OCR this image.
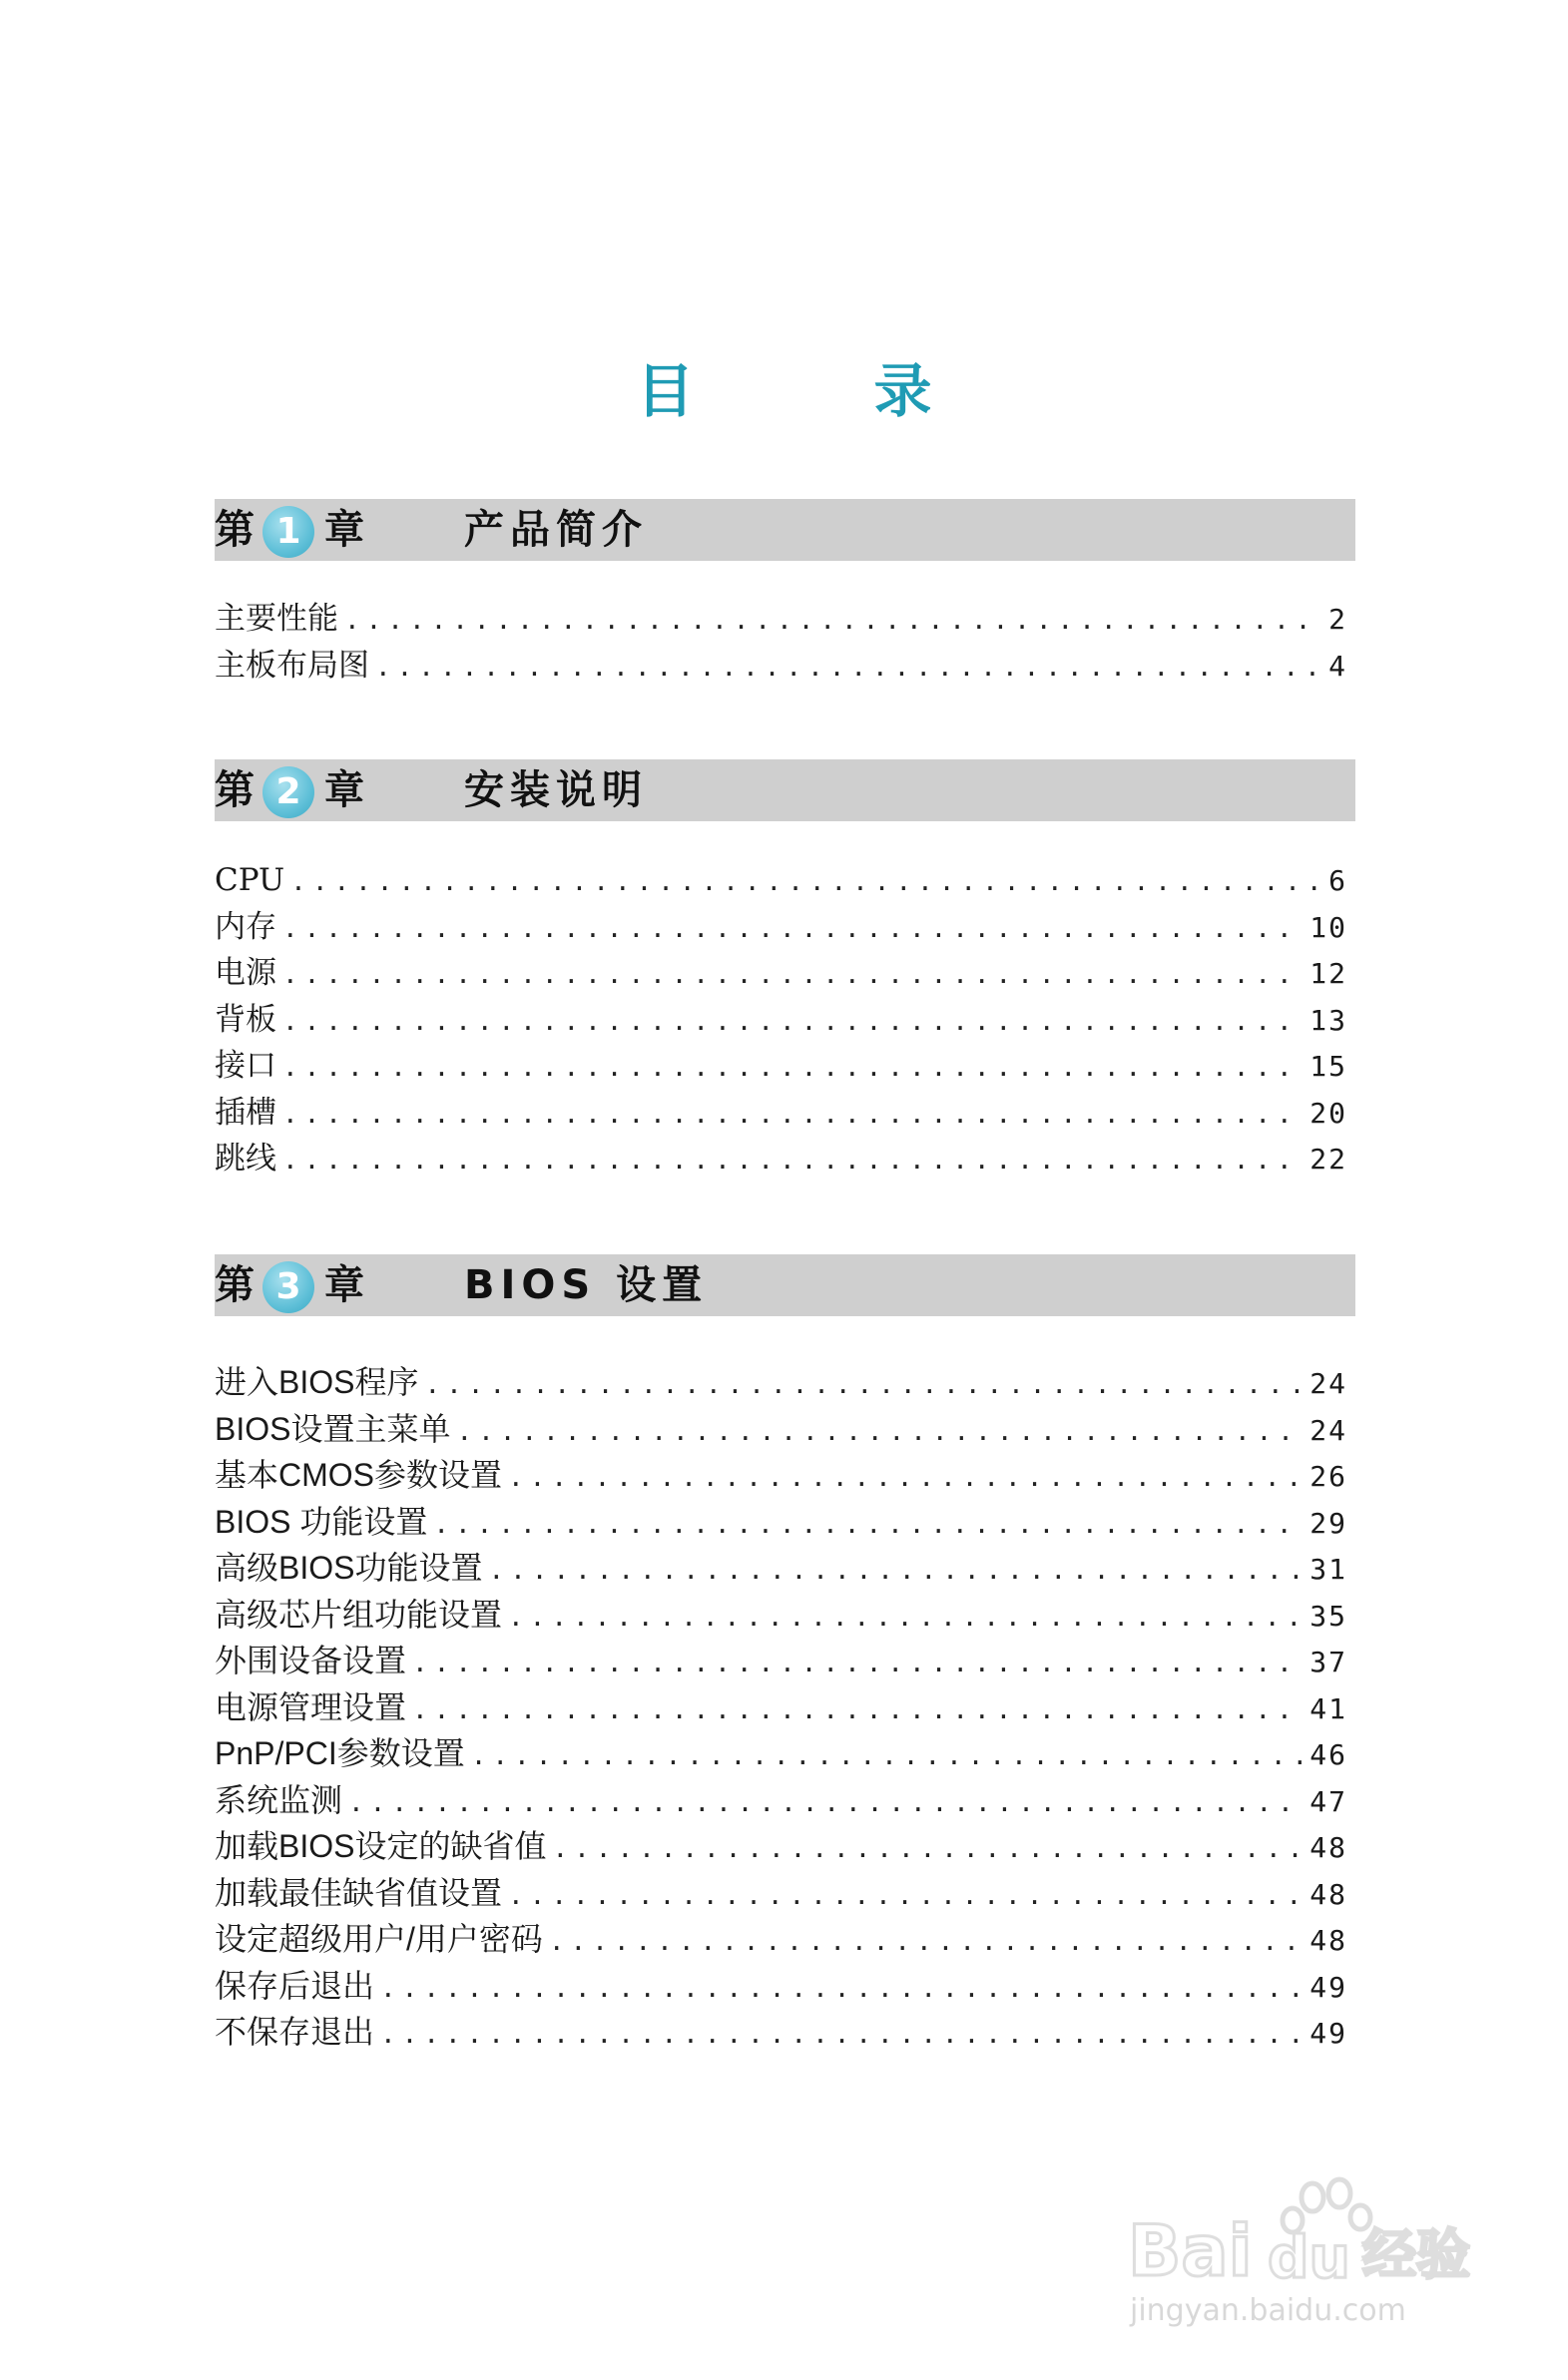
目	录
第 1 章	产品简介
主要性能 .....	2
主板布局图 .....	4
第 2 章	安装说明
CPU .....	6
内存 .....	10
电源 .....	12
背板 .....	13
接口 .....	15
插槽 .....	20
跳线 .....	22
第 3 章	BIOS 设置
进入BIOS程序 .....	24
BIOS设置主菜单 .....	24
基本CMOS参数设置 .....	26
BIOS 功能设置 .....	29
高级BIOS功能设置 .....	31
高级芯片组功能设置 .....	35
外围设备设置 .....	37
电源管理设置 .....	41
PnP/PCI参数设置 .....	46
系统监测 .....	47
加载BIOS设定的缺省值 .....	48
加载最佳缺省值设置 .....	48
设定超级用户/用户密码 .....	48
保存后退出 .....	49
不保存退出 .....	49
Bai du 经验
jingyan.baidu.com
